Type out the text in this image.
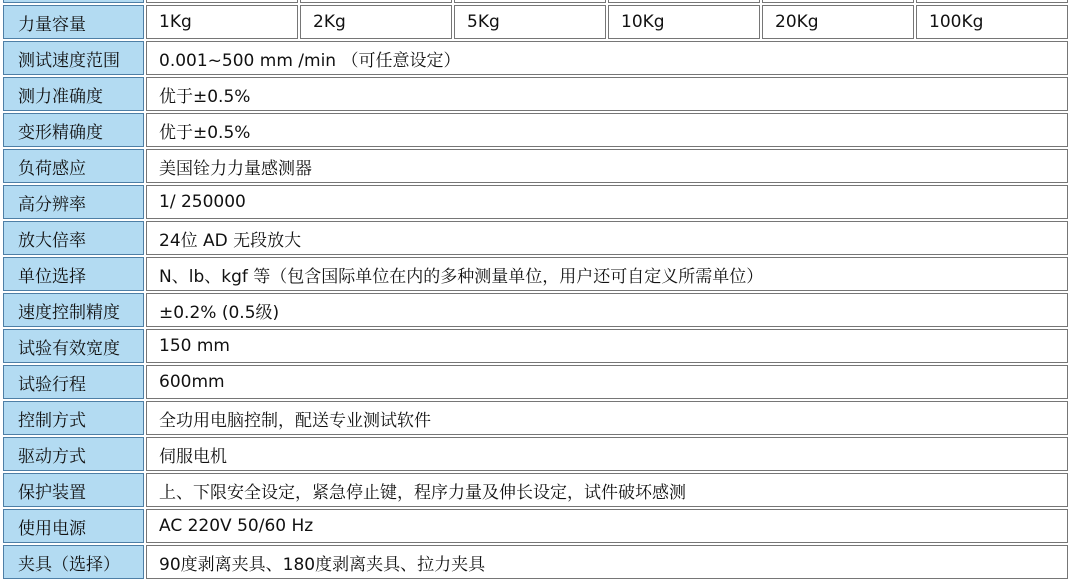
力量容量	1Kg	2Kg	5Kg	10Kg	20Kg	100Kg
测试速度范围	0.001~500 mm /min （可任意设定）					
测力准确度	优于±0.5%					
变形精确度	优于±0.5%					
负荷感应	美国铨力力量感测器					
高分辨率	1/ 250000					
放大倍率	24位 AD 无段放大					
单位选择	N、lb、kgf 等（包含国际单位在内的多种测量单位，用户还可自定义所需单位）					
速度控制精度	±0.2% (0.5级)					
试验有效宽度	150 mm					
试验行程	600mm					
控制方式	全功用电脑控制，配送专业测试软件					
驱动方式	伺服电机					
保护装置	上、下限安全设定，紧急停止键，程序力量及伸长设定，试件破坏感测					
使用电源	AC 220V 50/60 Hz					
夹具（选择）	90度剥离夹具、180度剥离夹具、拉力夹具					
